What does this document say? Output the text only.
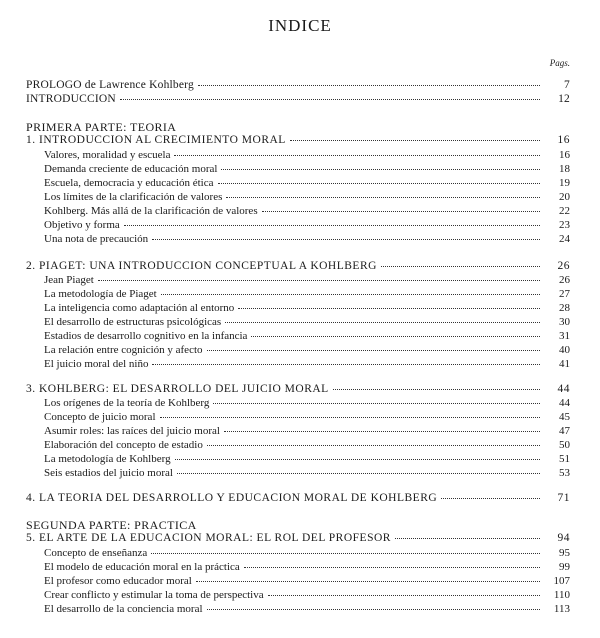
INDICE
Pags.
PROLOGO de Lawrence Kohlberg	7
INTRODUCCION	12
PRIMERA PARTE: TEORIA
1. INTRODUCCION AL CRECIMIENTO MORAL	16
Valores, moralidad y escuela	16
Demanda creciente de educación moral	18
Escuela, democracia y educación ética	19
Los límites de la clarificación de valores	20
Kohlberg. Más allá de la clarificación de valores	22
Objetivo y forma	23
Una nota de precaución	24
2. PIAGET: UNA INTRODUCCION CONCEPTUAL A KOHLBERG	26
Jean Piaget	26
La metodología de Piaget	27
La inteligencia como adaptación al entorno	28
El desarrollo de estructuras psicológicas	30
Estadios de desarrollo cognitivo en la infancia	31
La relación entre cognición y afecto	40
El juicio moral del niño	41
3. KOHLBERG: EL DESARROLLO DEL JUICIO MORAL	44
Los orígenes de la teoría de Kohlberg	44
Concepto de juicio moral	45
Asumir roles: las raíces del juicio moral	47
Elaboración del concepto de estadio	50
La metodología de Kohlberg	51
Seis estadios del juicio moral	53
4. LA TEORIA DEL DESARROLLO Y EDUCACION MORAL DE KOHLBERG	71
SEGUNDA PARTE: PRACTICA
5. EL ARTE DE LA EDUCACION MORAL: EL ROL DEL PROFESOR	94
Concepto de enseñanza	95
El modelo de educación moral en la práctica	99
El profesor como educador moral	107
Crear conflicto y estimular la toma de perspectiva	110
El desarrollo de la conciencia moral	113
